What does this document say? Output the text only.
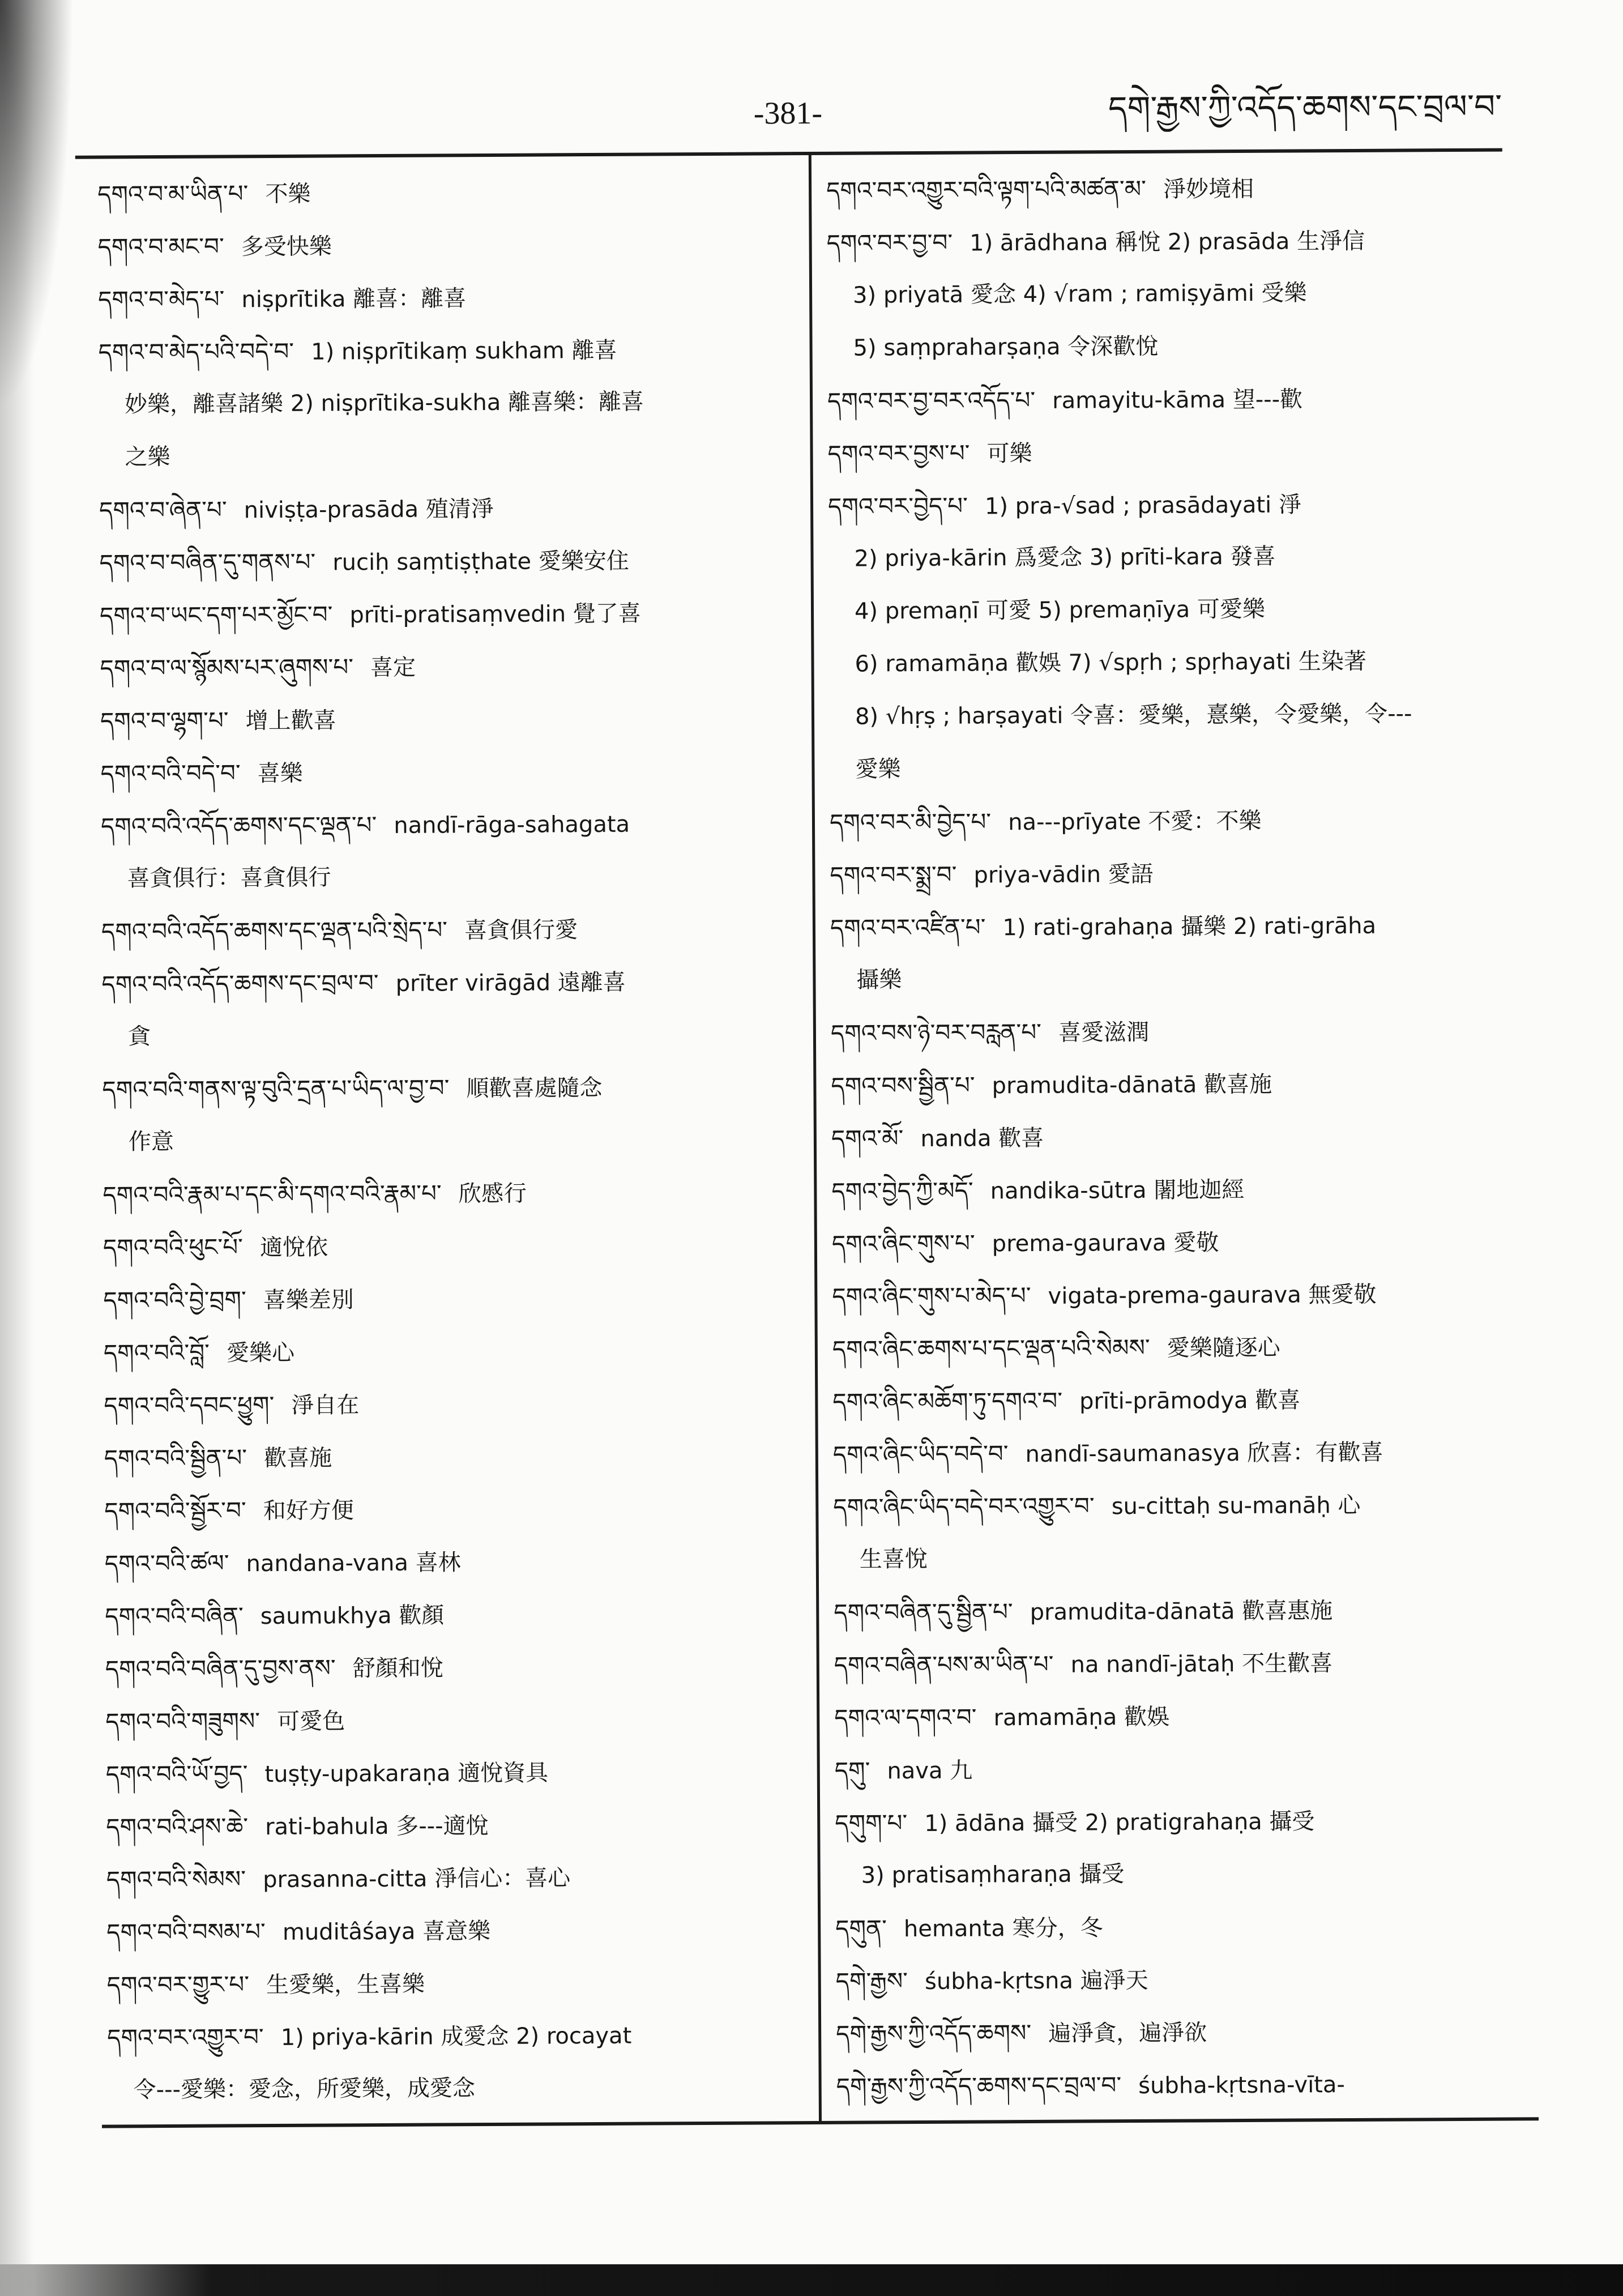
-381-	དགེ་རྒྱས་ཀྱི་འདོད་ཆགས་དང་བྲལ་བ་
དགའ་བ་མ་ཡིན་པ་ 不樂
དགའ་བ་མང་བ་ 多受快樂
དགའ་བ་མེད་པ་ niṣprītika 離喜：離喜
དགའ་བ་མེད་པའི་བདེ་བ་ 1) niṣprītikaṃ sukham 離喜
妙樂，離喜諸樂 2) niṣprītika-sukha 離喜樂：離喜
之樂
དགའ་བ་ཞེན་པ་ niviṣṭa-prasāda 殖清淨
དགའ་བ་བཞིན་དུ་གནས་པ་ ruciḥ saṃtiṣṭhate 愛樂安住
དགའ་བ་ཡང་དག་པར་མྱོང་བ་ prīti-pratisaṃvedin 覺了喜
དགའ་བ་ལ་སྙོམས་པར་ཞུགས་པ་ 喜定
དགའ་བ་ལྷག་པ་ 增上歡喜
དགའ་བའི་བདེ་བ་ 喜樂
དགའ་བའི་འདོད་ཆགས་དང་ལྡན་པ་ nandī-rāga-sahagata
喜貪俱行：喜貪俱行
དགའ་བའི་འདོད་ཆགས་དང་ལྡན་པའི་སྲེད་པ་ 喜貪俱行愛
དགའ་བའི་འདོད་ཆགས་དང་བྲལ་བ་ prīter virāgād 遠離喜
貪
དགའ་བའི་གནས་ལྟ་བུའི་དྲན་པ་ཡིད་ལ་བྱ་བ་ 順歡喜處隨念
作意
དགའ་བའི་རྣམ་པ་དང་མི་དགའ་བའི་རྣམ་པ་ 欣慼行
དགའ་བའི་ཕུང་པོ་ 適悅依
དགའ་བའི་བྱེ་བྲག་ 喜樂差別
དགའ་བའི་བློ་ 愛樂心
དགའ་བའི་དབང་ཕྱུག་ 淨自在
དགའ་བའི་སྦྱིན་པ་ 歡喜施
དགའ་བའི་སྦྱོར་བ་ 和好方便
དགའ་བའི་ཚལ་ nandana-vana 喜林
དགའ་བའི་བཞིན་ saumukhya 歡顏
དགའ་བའི་བཞིན་དུ་བྱས་ནས་ 舒顏和悅
དགའ་བའི་གཟུགས་ 可愛色
དགའ་བའི་ཡོ་བྱད་ tuṣṭy-upakaraṇa 適悅資具
དགའ་བའི་ཤས་ཆེ་ rati-bahula 多---適悅
དགའ་བའི་སེམས་ prasanna-citta 淨信心：喜心
དགའ་བའི་བསམ་པ་ muditâśaya 喜意樂
དགའ་བར་གྱུར་པ་ 生愛樂，生喜樂
དགའ་བར་འགྱུར་བ་ 1) priya-kārin 成愛念 2) rocayat
令---愛樂：愛念，所愛樂，成愛念
དགའ་བར་འགྱུར་བའི་ལྟག་པའི་མཚན་མ་ 淨妙境相
དགའ་བར་བྱ་བ་ 1) ārādhana 稱悅 2) prasāda 生淨信
3) priyatā 愛念 4) √ram ; ramiṣyāmi 受樂
5) saṃpraharṣaṇa 令深歡悅
དགའ་བར་བྱ་བར་འདོད་པ་ ramayitu-kāma 望---歡
དགའ་བར་བྱས་པ་ 可樂
དགའ་བར་བྱེད་པ་ 1) pra-√sad ; prasādayati 淨
2) priya-kārin 爲愛念 3) prīti-kara 發喜
4) premaṇī 可愛 5) premaṇīya 可愛樂
6) ramamāṇa 歡娛 7) √spṛh ; spṛhayati 生染著
8) √hṛṣ ; harṣayati 令喜：愛樂，憙樂，令愛樂，令---
愛樂
དགའ་བར་མི་བྱེད་པ་ na---prīyate 不愛：不樂
དགའ་བར་སྨྲ་བ་ priya-vādin 愛語
དགའ་བར་འཛིན་པ་ 1) rati-grahaṇa 攝樂 2) rati-grāha
攝樂
དགའ་བས་ཉེ་བར་བརླན་པ་ 喜愛滋潤
དགའ་བས་སྦྱིན་པ་ pramudita-dānatā 歡喜施
དགའ་མོ་ nanda 歡喜
དགའ་བྱེད་ཀྱི་མདོ་ nandika-sūtra 闍地迦經
དགའ་ཞིང་གུས་པ་ prema-gaurava 愛敬
དགའ་ཞིང་གུས་པ་མེད་པ་ vigata-prema-gaurava 無愛敬
དགའ་ཞིང་ཆགས་པ་དང་ལྡན་པའི་སེམས་ 愛樂隨逐心
དགའ་ཞིང་མཆོག་ཏུ་དགའ་བ་ prīti-prāmodya 歡喜
དགའ་ཞིང་ཡིད་བདེ་བ་ nandī-saumanasya 欣喜：有歡喜
དགའ་ཞིང་ཡིད་བདེ་བར་འགྱུར་བ་ su-cittaḥ su-manāḥ 心
生喜悅
དགའ་བཞིན་དུ་སྦྱིན་པ་ pramudita-dānatā 歡喜惠施
དགའ་བཞིན་པས་མ་ཡིན་པ་ na nandī-jātaḥ 不生歡喜
དགའ་ལ་དགའ་བ་ ramamāṇa 歡娛
དགུ་ nava 九
དགུག་པ་ 1) ādāna 攝受 2) pratigrahaṇa 攝受
3) pratisaṃharaṇa 攝受
དགུན་ hemanta 寒分，冬
དགེ་རྒྱས་ śubha-kṛtsna 遍淨天
དགེ་རྒྱས་ཀྱི་འདོད་ཆགས་ 遍淨貪，遍淨欲
དགེ་རྒྱས་ཀྱི་འདོད་ཆགས་དང་བྲལ་བ་ śubha-kṛtsna-vīta-
